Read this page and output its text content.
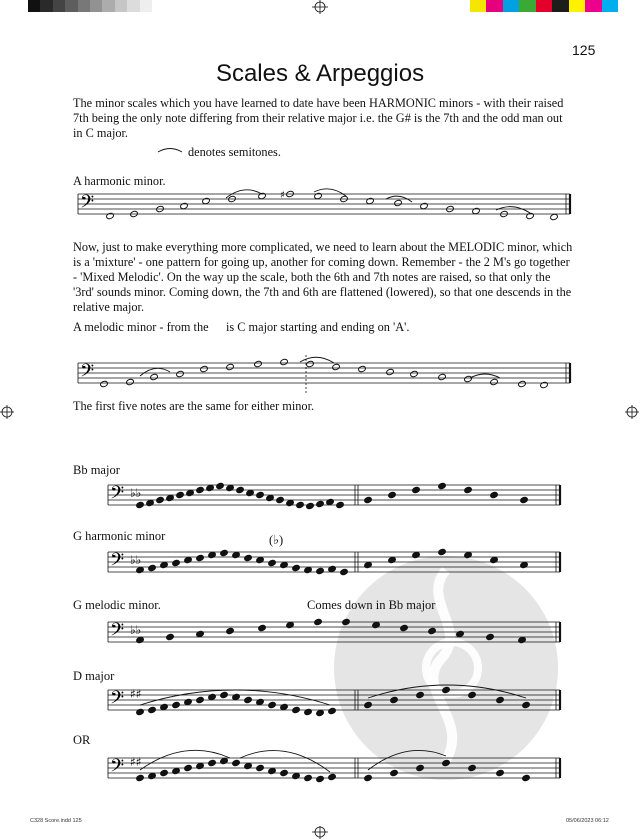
𝄢	♯
𝄢
𝄢 ♭♭
𝄢 ♭♭
𝄢 ♭♭
𝄢 ♯♯
𝄢 ♯♯
125
Scales & Arpeggios
The minor scales which you have learned to date have been HARMONIC minors - with their raised 7th being the only note differing from their relative major i.e. the G# is the 7th and the odd man out in C major.
denotes semitones.
A harmonic minor.
Now, just to make everything more complicated, we need to learn about the MELODIC minor, which is a 'mixture' - one pattern for going up, another for coming down. Remember - the 2 M's go together - 'Mixed Melodic'. On the way up the scale, both the 6th and 7th notes are raised, so that only the '3rd' sounds minor. Coming down, the 7th and 6th are flattened (lowered), so that one descends in the relative major.
A melodic minor - from the is C major starting and ending on 'A'.
The first five notes are the same for either minor.
Bb major
G harmonic minor	(♭)
G melodic minor.	Comes down in Bb major
D major
OR
C328 Score.indd 125	05/06/2023 06:12
